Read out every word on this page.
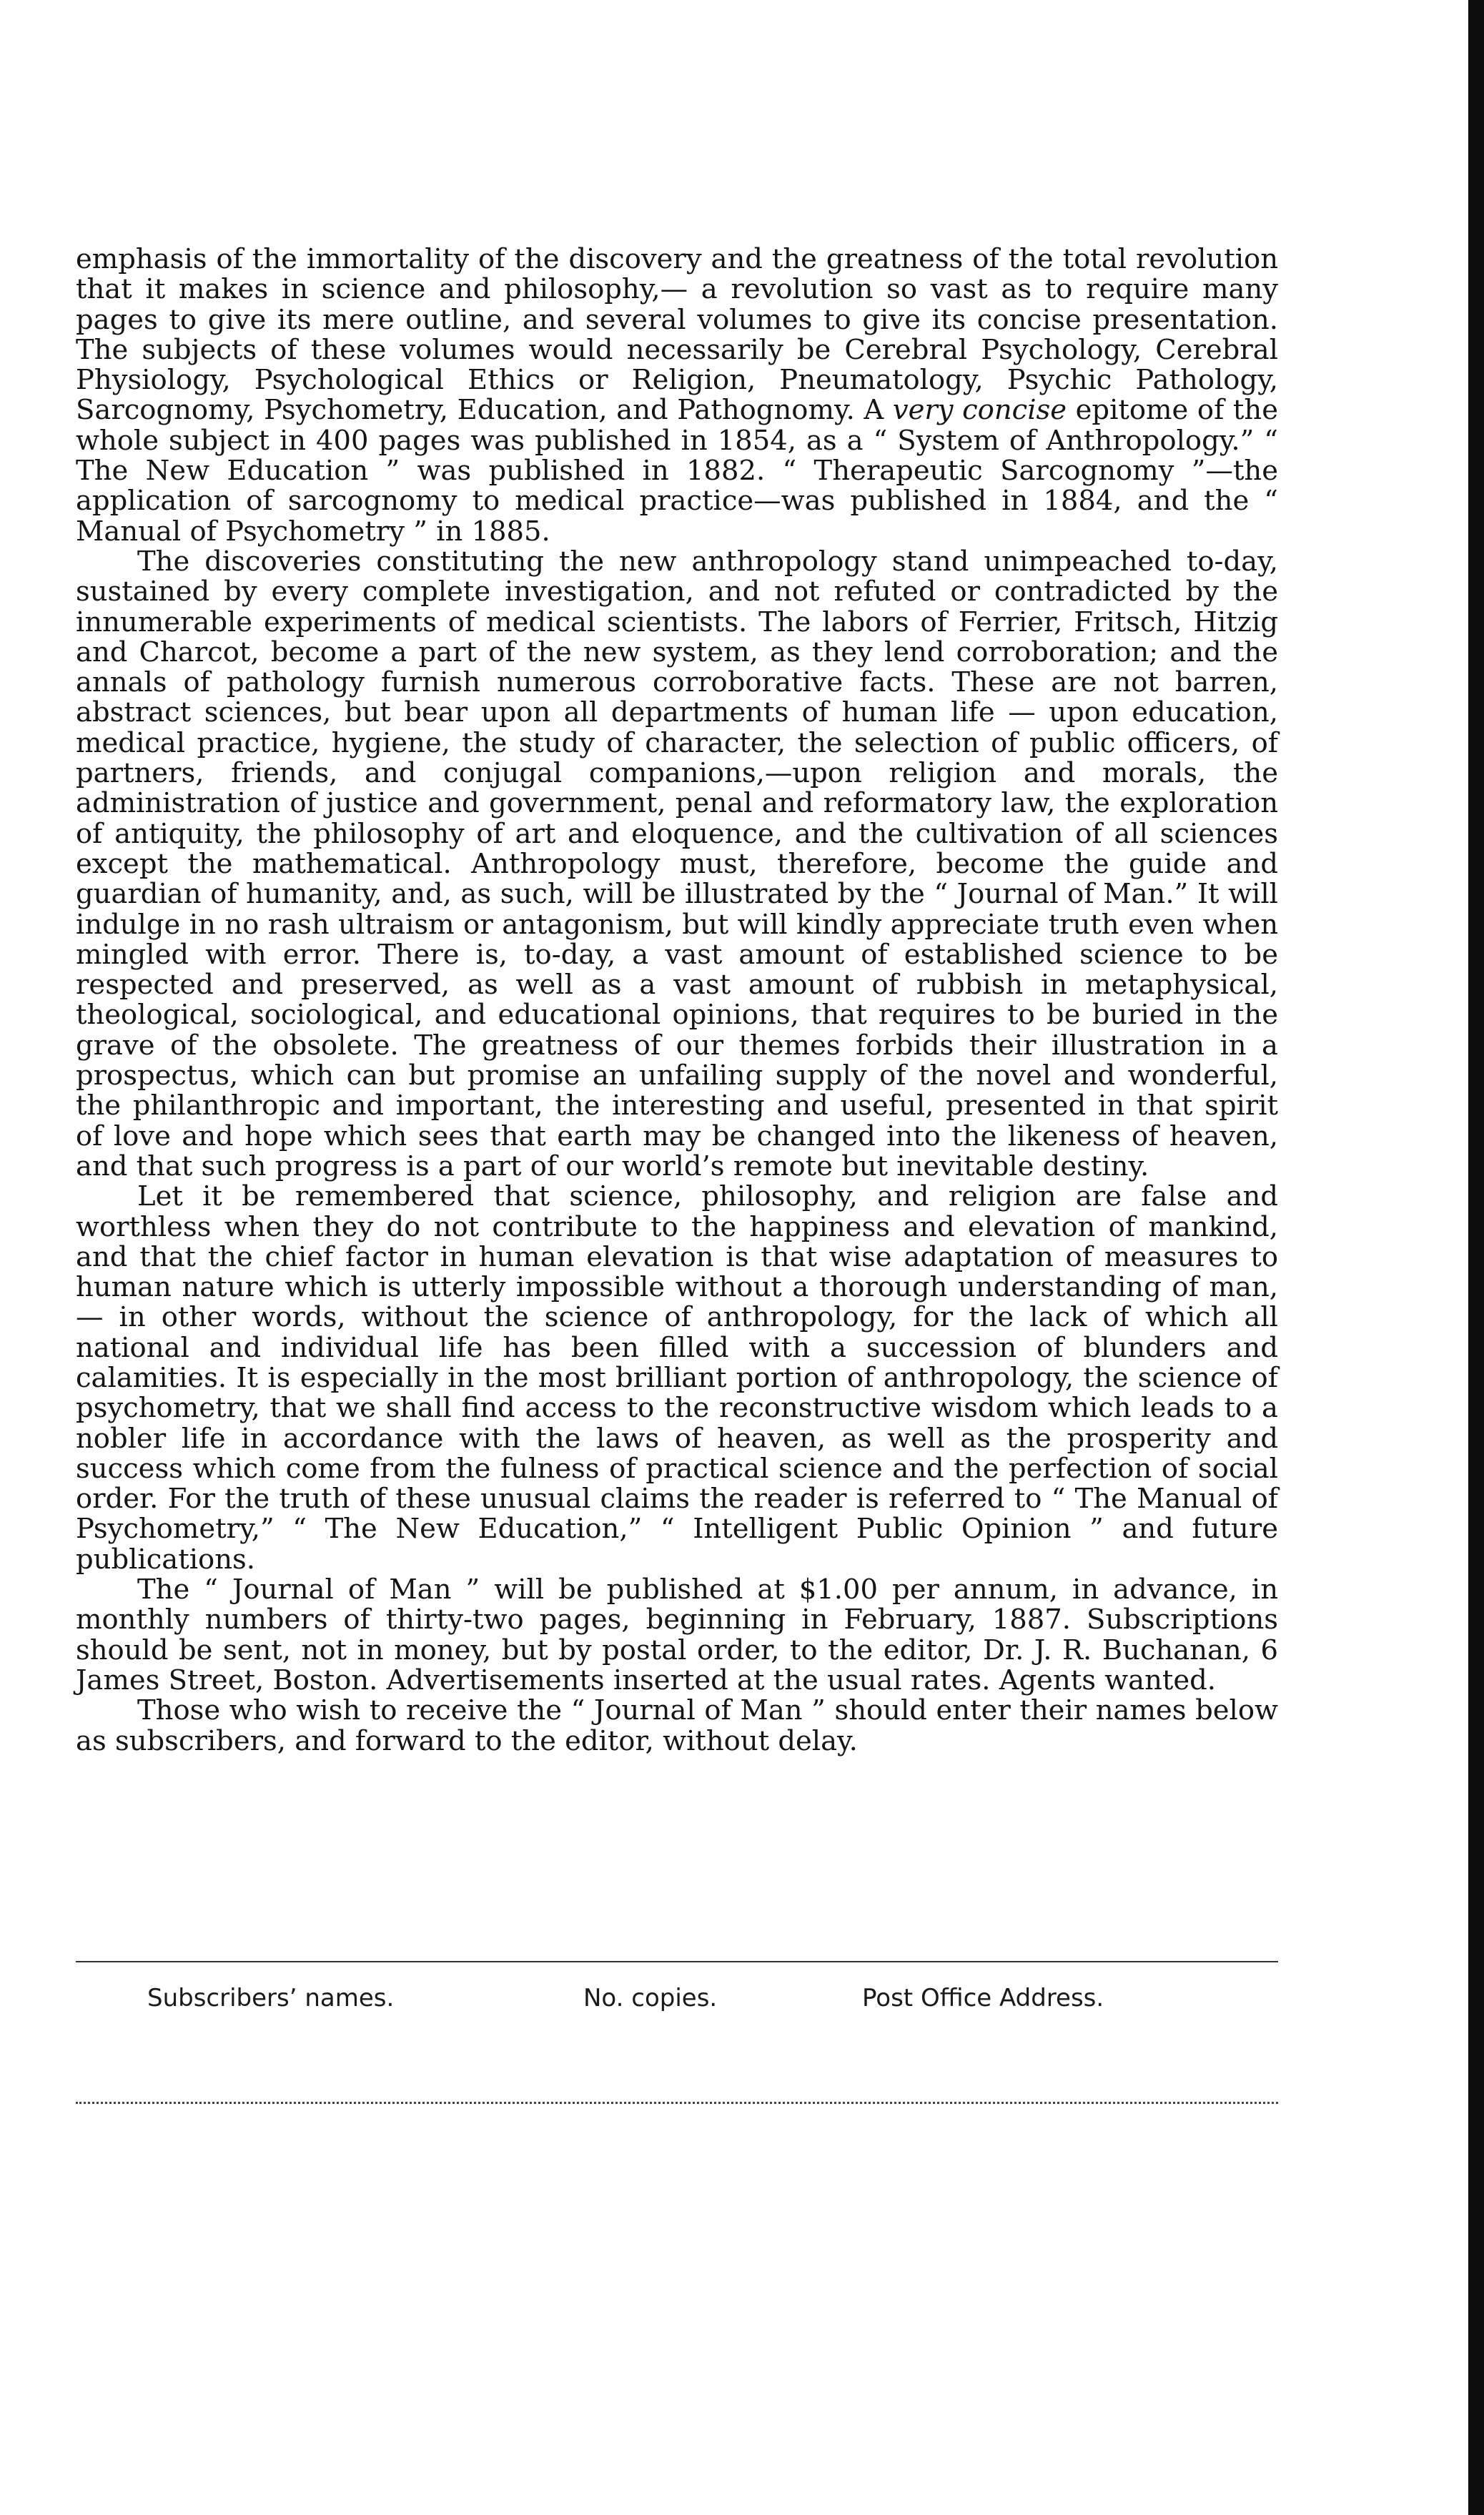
emphasis of the immortality of the discovery and the greatness of the total revolution that it makes in science and philosophy,— a revolution so vast as to require many pages to give its mere outline, and several volumes to give its concise presentation. The subjects of these volumes would necessarily be Cerebral Psychology, Cerebral Physiology, Psychological Ethics or Religion, Pneumatology, Psychic Pathology, Sarcognomy, Psychometry, Education, and Pathognomy. A very concise epitome of the whole subject in 400 pages was published in 1854, as a “ System of Anthropology.” “ The New Education ” was published in 1882. “ Therapeutic Sarcognomy ”—the application of sarcognomy to medical practice—was published in 1884, and the “ Manual of Psychometry ” in 1885.

The discoveries constituting the new anthropology stand unimpeached to-day, sustained by every complete investigation, and not refuted or contradicted by the innumerable experiments of medical scientists. The labors of Ferrier, Fritsch, Hitzig and Charcot, become a part of the new system, as they lend corroboration; and the annals of pathology furnish numerous corroborative facts. These are not barren, abstract sciences, but bear upon all departments of human life — upon education, medical practice, hygiene, the study of character, the selection of public officers, of partners, friends, and conjugal companions,—upon religion and morals, the administration of justice and government, penal and reformatory law, the exploration of antiquity, the philosophy of art and eloquence, and the cultivation of all sciences except the mathematical. Anthropology must, therefore, become the guide and guardian of humanity, and, as such, will be illustrated by the “ Journal of Man.” It will indulge in no rash ultraism or antagonism, but will kindly appreciate truth even when mingled with error. There is, to-day, a vast amount of established science to be respected and preserved, as well as a vast amount of rubbish in metaphysical, theological, sociological, and educational opinions, that requires to be buried in the grave of the obsolete. The greatness of our themes forbids their illustration in a prospectus, which can but promise an unfailing supply of the novel and wonderful, the philanthropic and important, the interesting and useful, presented in that spirit of love and hope which sees that earth may be changed into the likeness of heaven, and that such progress is a part of our world’s remote but inevitable destiny.

Let it be remembered that science, philosophy, and religion are false and worthless when they do not contribute to the happiness and elevation of mankind, and that the chief factor in human elevation is that wise adaptation of measures to human nature which is utterly impossible without a thorough understanding of man,— in other words, without the science of anthropology, for the lack of which all national and individual life has been filled with a succession of blunders and calamities. It is especially in the most brilliant portion of anthropology, the science of psychometry, that we shall find access to the reconstructive wisdom which leads to a nobler life in accordance with the laws of heaven, as well as the prosperity and success which come from the fulness of practical science and the perfection of social order. For the truth of these unusual claims the reader is referred to “ The Manual of Psychometry,” “ The New Education,” “ Intelligent Public Opinion ” and future publications.

The “ Journal of Man ” will be published at $1.00 per annum, in advance, in monthly numbers of thirty-two pages, beginning in February, 1887. Subscriptions should be sent, not in money, but by postal order, to the editor, Dr. J. R. Buchanan, 6 James Street, Boston. Advertisements inserted at the usual rates. Agents wanted.

Those who wish to receive the “ Journal of Man ” should enter their names below as subscribers, and forward to the editor, without delay.

Subscribers’ names.	No. copies.	Post Office Address.
